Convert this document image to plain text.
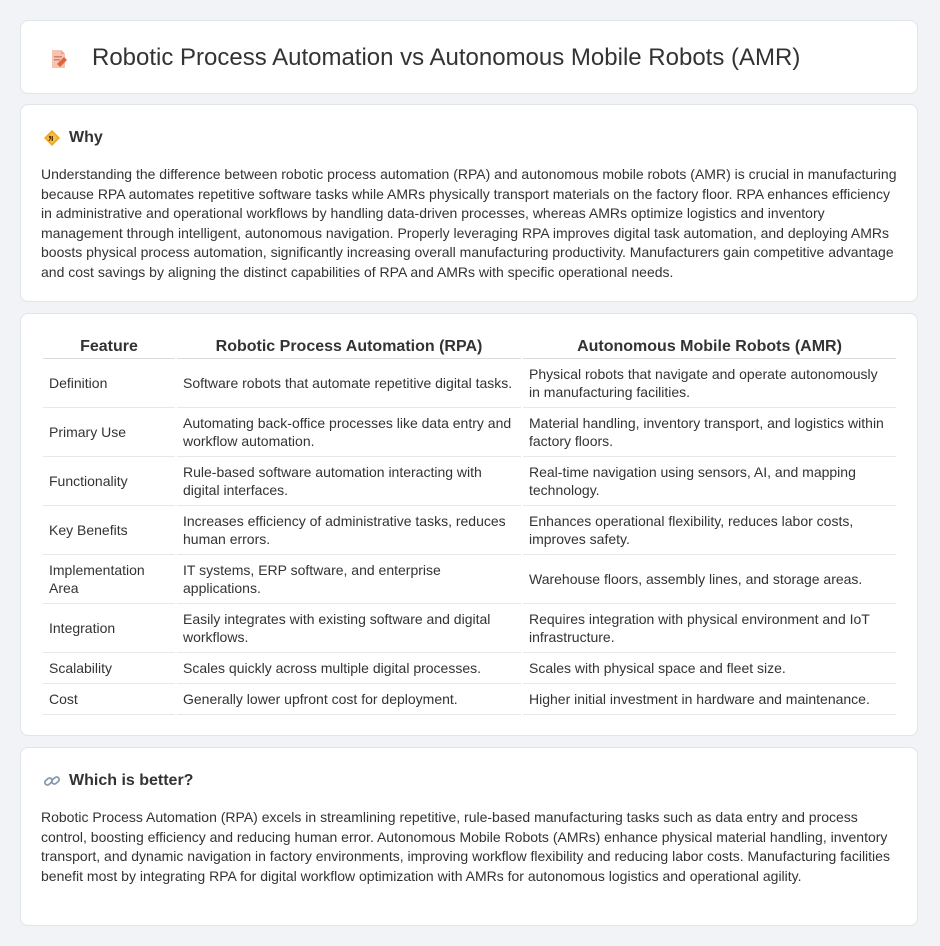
Robotic Process Automation vs Autonomous Mobile Robots (AMR)
Why

Understanding the difference between robotic process automation (RPA) and autonomous mobile robots (AMR) is crucial in manufacturing because RPA automates repetitive software tasks while AMRs physically transport materials on the factory floor. RPA enhances efficiency in administrative and operational workflows by handling data-driven processes, whereas AMRs optimize logistics and inventory management through intelligent, autonomous navigation. Properly leveraging RPA improves digital task automation, and deploying AMRs boosts physical process automation, significantly increasing overall manufacturing productivity. Manufacturers gain competitive advantage and cost savings by aligning the distinct capabilities of RPA and AMRs with specific operational needs.

Feature	Robotic Process Automation (RPA)	Autonomous Mobile Robots (AMR)
Definition	Software robots that automate repetitive digital tasks.	Physical robots that navigate and operate autonomously in manufacturing facilities.
Primary Use	Automating back-office processes like data entry and workflow automation.	Material handling, inventory transport, and logistics within factory floors.
Functionality	Rule-based software automation interacting with digital interfaces.	Real-time navigation using sensors, AI, and mapping technology.
Key Benefits	Increases efficiency of administrative tasks, reduces human errors.	Enhances operational flexibility, reduces labor costs, improves safety.
Implementation Area	IT systems, ERP software, and enterprise applications.	Warehouse floors, assembly lines, and storage areas.
Integration	Easily integrates with existing software and digital workflows.	Requires integration with physical environment and IoT infrastructure.
Scalability	Scales quickly across multiple digital processes.	Scales with physical space and fleet size.
Cost	Generally lower upfront cost for deployment.	Higher initial investment in hardware and maintenance.
Which is better?

Robotic Process Automation (RPA) excels in streamlining repetitive, rule-based manufacturing tasks such as data entry and process control, boosting efficiency and reducing human error. Autonomous Mobile Robots (AMRs) enhance physical material handling, inventory transport, and dynamic navigation in factory environments, improving workflow flexibility and reducing labor costs. Manufacturing facilities benefit most by integrating RPA for digital workflow optimization with AMRs for autonomous logistics and operational agility.
